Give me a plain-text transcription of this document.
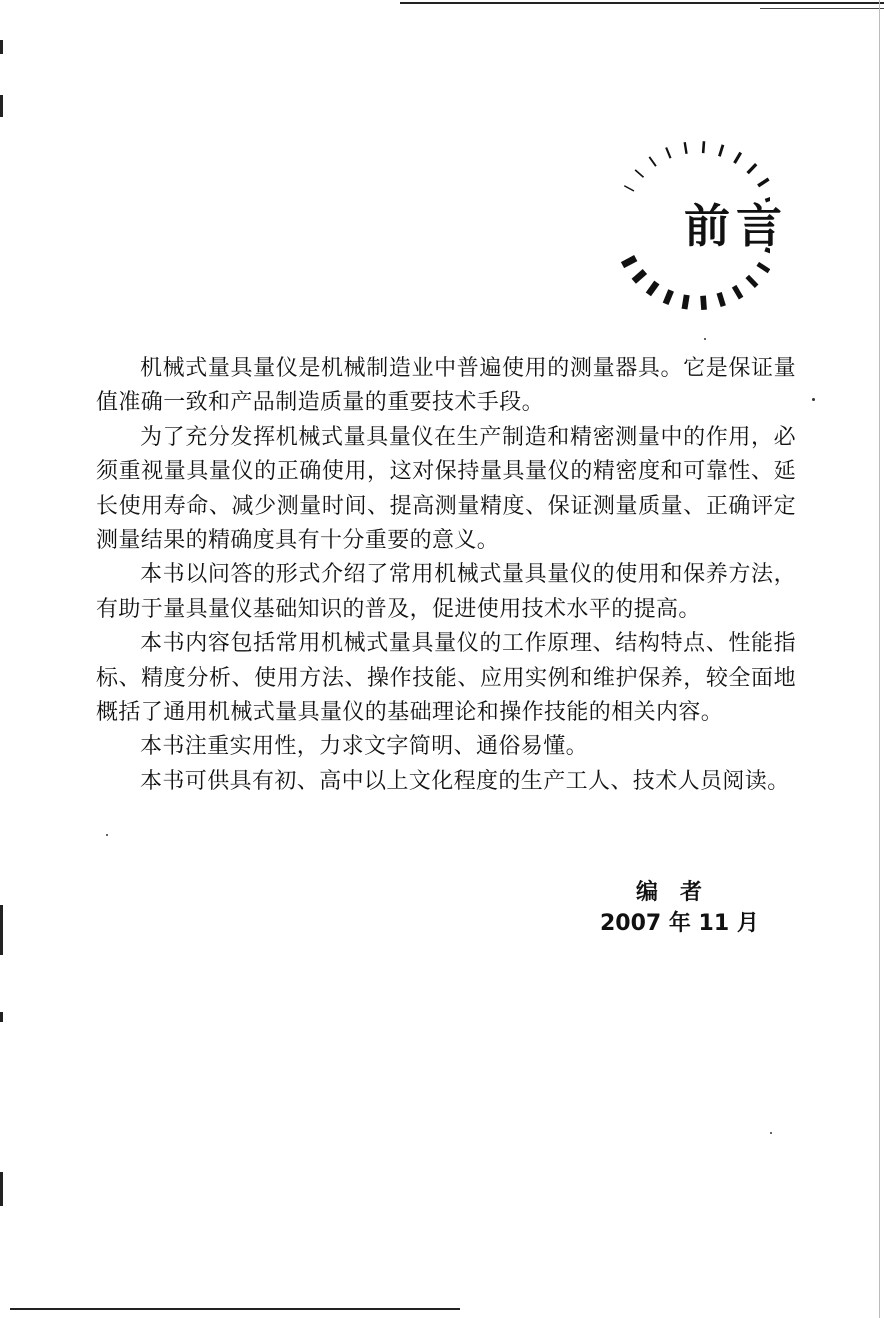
前言

机械式量具量仪是机械制造业中普遍使用的测量器具。它是保证量值准确一致和产品制造质量的重要技术手段。

为了充分发挥机械式量具量仪在生产制造和精密测量中的作用，必须重视量具量仪的正确使用，这对保持量具量仪的精密度和可靠性、延长使用寿命、减少测量时间、提高测量精度、保证测量质量、正确评定测量结果的精确度具有十分重要的意义。

本书以问答的形式介绍了常用机械式量具量仪的使用和保养方法，有助于量具量仪基础知识的普及，促进使用技术水平的提高。

本书内容包括常用机械式量具量仪的工作原理、结构特点、性能指标、精度分析、使用方法、操作技能、应用实例和维护保养，较全面地概括了通用机械式量具量仪的基础理论和操作技能的相关内容。

本书注重实用性，力求文字简明、通俗易懂。

本书可供具有初、高中以上文化程度的生产工人、技术人员阅读。

编者
2007 年 11 月
